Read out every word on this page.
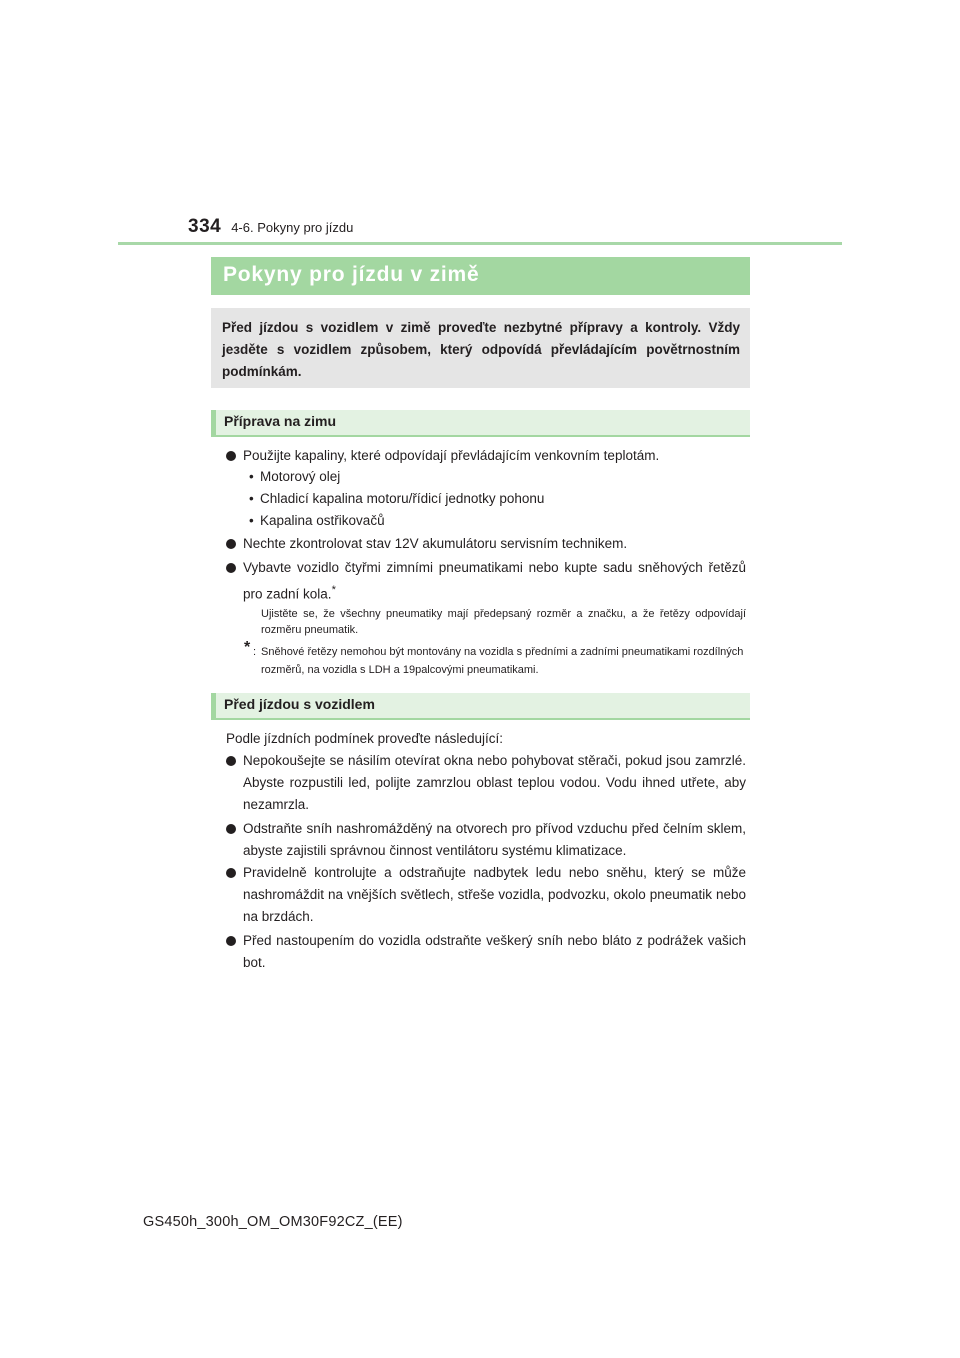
334 4-6. Pokyny pro jízdu
Pokyny pro jízdu v zimě
Před jízdou s vozidlem v zimě proveďte nezbytné přípravy a kontroly. Vždy jeзděte s vozidlem způsobem, který odpovídá převládajícím povětrnostním podmínkám.
Příprava na zimu
Použijte kapaliny, které odpovídají převládajícím venkovním teplotám.
• Motorový olej
• Chladicí kapalina motoru/řídicí jednotky pohonu
• Kapalina ostřikovačů
Nechte zkontrolovat stav 12V akumulátoru servisním technikem.
Vybavte vozidlo čtyřmi zimními pneumatikami nebo kupte sadu sněhových řetězů pro zadní kola.*
Ujistěte se, že všechny pneumatiky mají předepsaný rozměr a značku, a že řetězy odpovídají rozměru pneumatik.
* : Sněhové řetězy nemohou být montovány na vozidla s předními a zadními pneumatikami rozdílných rozměrů, na vozidla s LDH a 19palcovými pneumatikami.
Před jízdou s vozidlem
Podle jízdních podmínek proveďte následující:
Nepokoušejte se násilím otevírat okna nebo pohybovat stěrači, pokud jsou zamrzlé. Abyste rozpustili led, polijte zamrzlou oblast teplou vodou. Vodu ihned utřete, aby nezamrzla.
Odstraňte sníh nashromážděný na otvorech pro přívod vzduchu před čelním sklem, abyste zajistili správnou činnost ventilátoru systému klimatizace.
Pravidelně kontrolujte a odstraňujte nadbytek ledu nebo sněhu, který se může nashromáždit na vnějších světlech, střeše vozidla, podvozku, okolo pneumatik nebo na brzdách.
Před nastoupením do vozidla odstraňte veškerý sníh nebo bláto z podrážek vašich bot.
GS450h_300h_OM_OM30F92CZ_(EE)
